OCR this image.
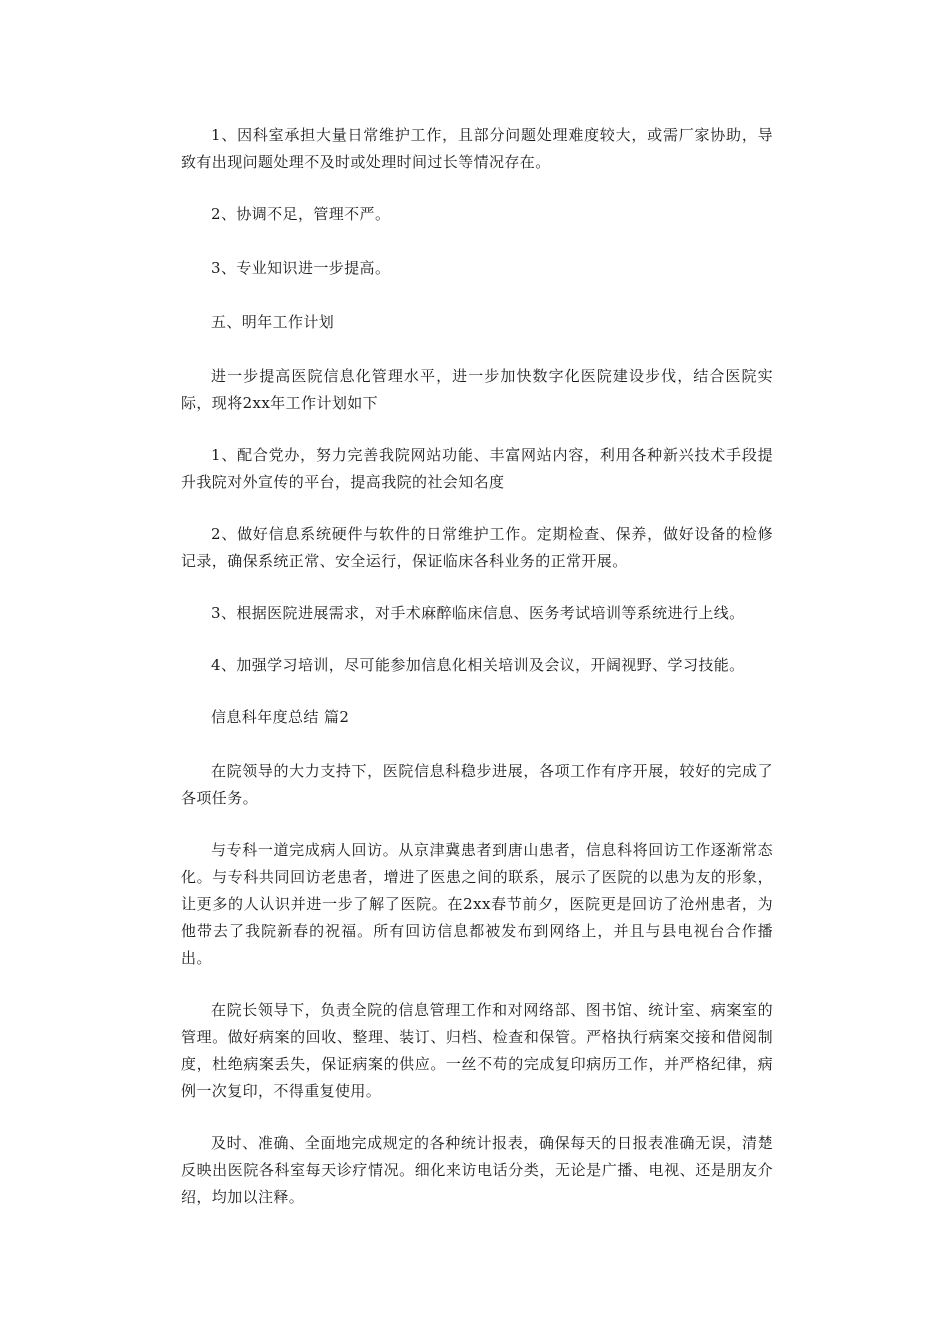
1、因科室承担大量日常维护工作，且部分问题处理难度较大，或需厂家协助，导致有出现问题处理不及时或处理时间过长等情况存在。

2、协调不足，管理不严。

3、专业知识进一步提高。

五、明年工作计划

进一步提高医院信息化管理水平，进一步加快数字化医院建设步伐，结合医院实际，现将2xx年工作计划如下

1、配合党办，努力完善我院网站功能、丰富网站内容，利用各种新兴技术手段提升我院对外宣传的平台，提高我院的社会知名度

2、做好信息系统硬件与软件的日常维护工作。定期检查、保养，做好设备的检修记录，确保系统正常、安全运行，保证临床各科业务的正常开展。

3、根据医院进展需求，对手术麻醉临床信息、医务考试培训等系统进行上线。

4、加强学习培训，尽可能参加信息化相关培训及会议，开阔视野、学习技能。

信息科年度总结 篇2

在院领导的大力支持下，医院信息科稳步进展，各项工作有序开展，较好的完成了各项任务。

与专科一道完成病人回访。从京津冀患者到唐山患者，信息科将回访工作逐渐常态化。与专科共同回访老患者，增进了医患之间的联系，展示了医院的以患为友的形象，让更多的人认识并进一步了解了医院。在2xx春节前夕，医院更是回访了沧州患者，为他带去了我院新春的祝福。所有回访信息都被发布到网络上，并且与县电视台合作播出。

在院长领导下，负责全院的信息管理工作和对网络部、图书馆、统计室、病案室的管理。做好病案的回收、整理、装订、归档、检查和保管。严格执行病案交接和借阅制度，杜绝病案丢失，保证病案的供应。一丝不苟的完成复印病历工作，并严格纪律，病例一次复印，不得重复使用。

及时、准确、全面地完成规定的各种统计报表，确保每天的日报表准确无误，清楚反映出医院各科室每天诊疗情况。细化来访电话分类，无论是广播、电视、还是朋友介绍，均加以注释。
